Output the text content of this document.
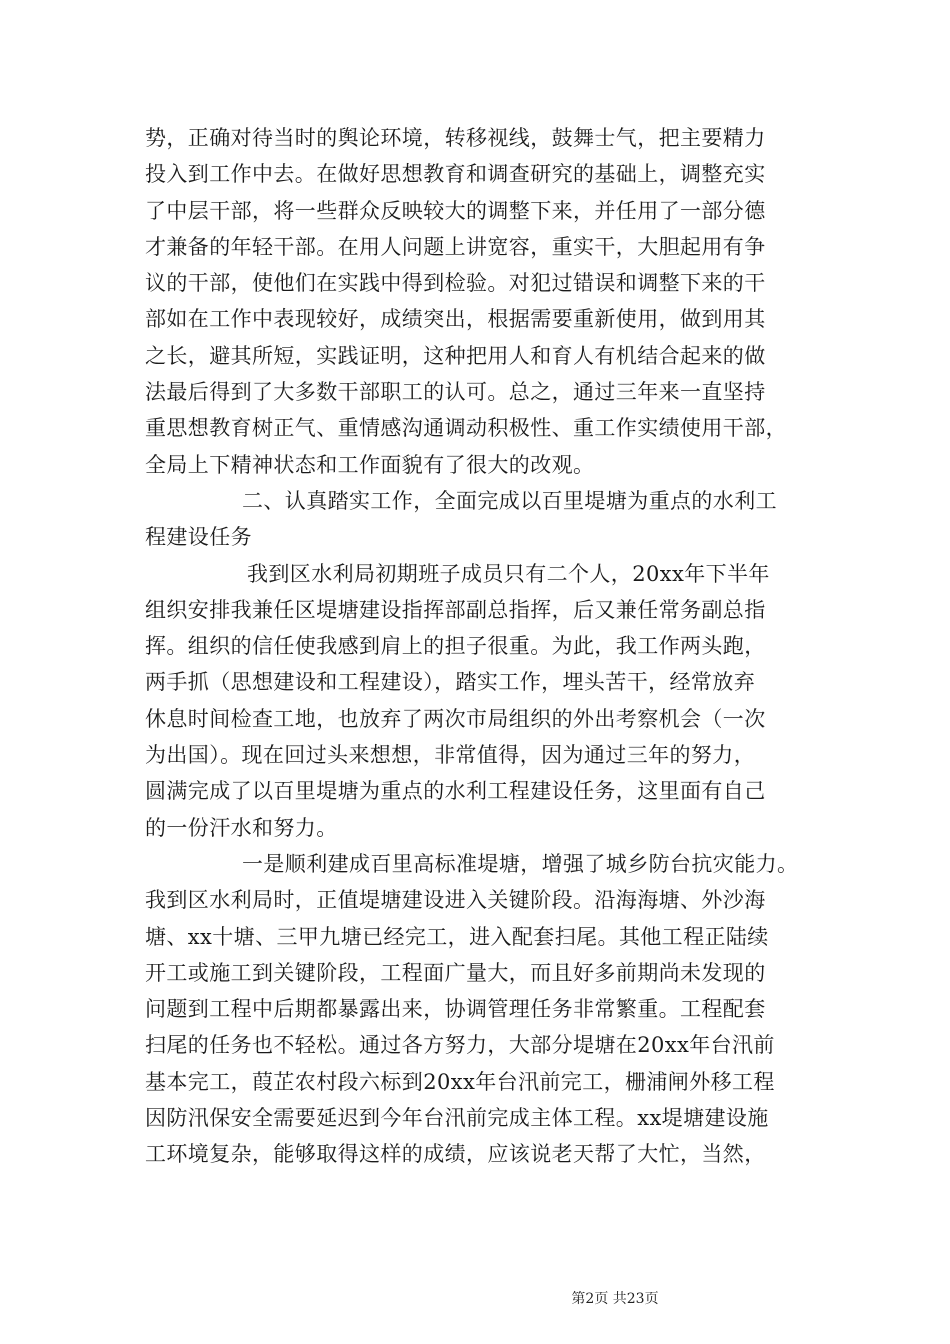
势，正确对待当时的舆论环境，转移视线，鼓舞士气，把主要精力
投入到工作中去。在做好思想教育和调查研究的基础上，调整充实
了中层干部，将一些群众反映较大的调整下来，并任用了一部分德
才兼备的年轻干部。在用人问题上讲宽容，重实干，大胆起用有争
议的干部，使他们在实践中得到检验。对犯过错误和调整下来的干
部如在工作中表现较好，成绩突出，根据需要重新使用，做到用其
之长，避其所短，实践证明，这种把用人和育人有机结合起来的做
法最后得到了大多数干部职工的认可。总之，通过三年来一直坚持
重思想教育树正气、重情感沟通调动积极性、重工作实绩使用干部，
全局上下精神状态和工作面貌有了很大的改观。
二、认真踏实工作，全面完成以百里堤塘为重点的水利工
程建设任务
我到区水利局初期班子成员只有二个人，20xx年下半年
组织安排我兼任区堤塘建设指挥部副总指挥，后又兼任常务副总指
挥。组织的信任使我感到肩上的担子很重。为此，我工作两头跑，
两手抓（思想建设和工程建设），踏实工作，埋头苦干，经常放弃
休息时间检查工地，也放弃了两次市局组织的外出考察机会（一次
为出国）。现在回过头来想想，非常值得，因为通过三年的努力，
圆满完成了以百里堤塘为重点的水利工程建设任务，这里面有自己
的一份汗水和努力。
一是顺利建成百里高标准堤塘，增强了城乡防台抗灾能力。
我到区水利局时，正值堤塘建设进入关键阶段。沿海海塘、外沙海
塘、xx十塘、三甲九塘已经完工，进入配套扫尾。其他工程正陆续
开工或施工到关键阶段，工程面广量大，而且好多前期尚未发现的
问题到工程中后期都暴露出来，协调管理任务非常繁重。工程配套
扫尾的任务也不轻松。通过各方努力，大部分堤塘在20xx年台汛前
基本完工，葭芷农村段六标到20xx年台汛前完工，栅浦闸外移工程
因防汛保安全需要延迟到今年台汛前完成主体工程。xx堤塘建设施
工环境复杂，能够取得这样的成绩，应该说老天帮了大忙，当然，
第2页 共23页
